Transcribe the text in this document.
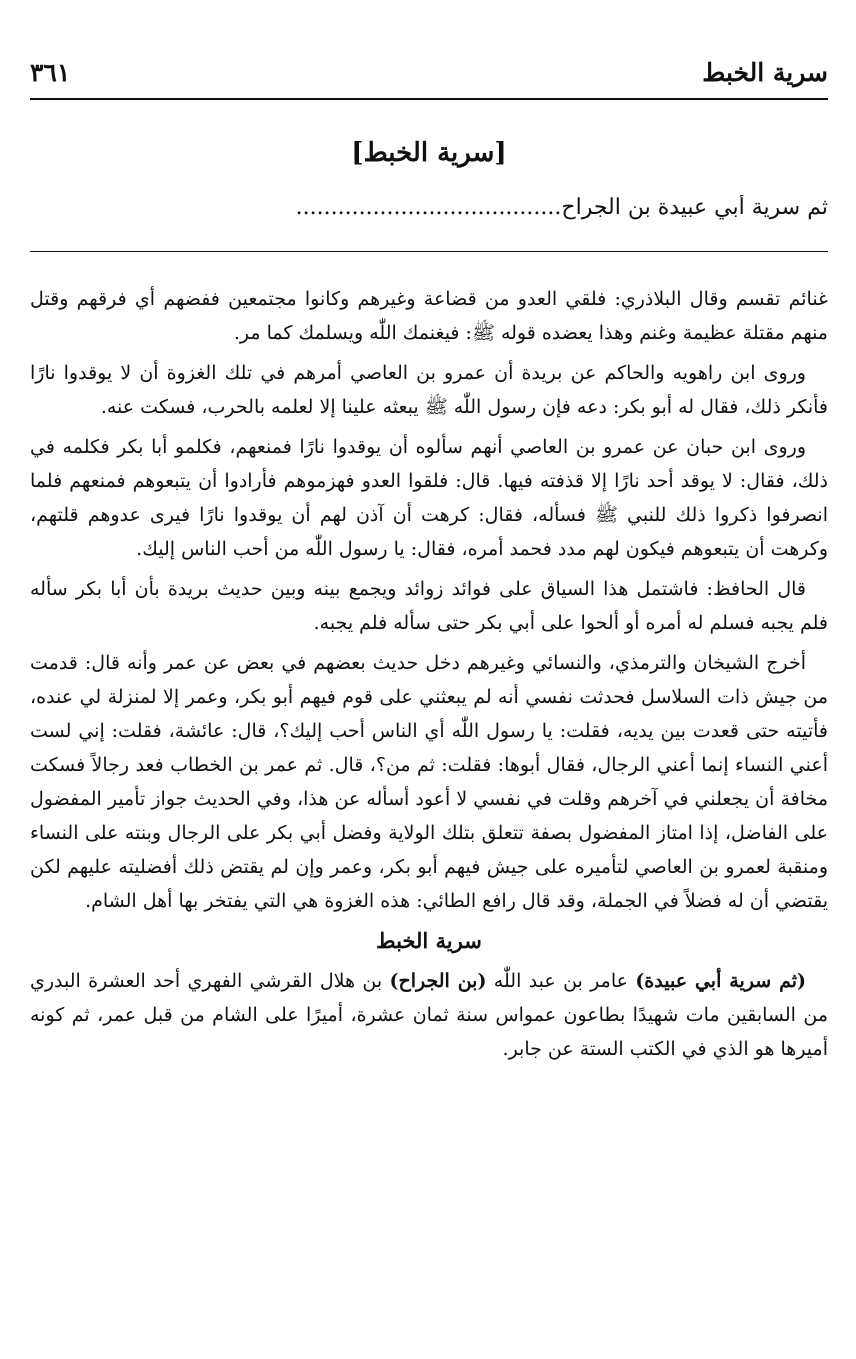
سرية الخبط
٣٦١
[سرية الخبط]
ثم سرية أبي عبيدة بن الجراح......................................

غنائم تقسم وقال البلاذري: فلقي العدو من قضاعة وغيرهم وكانوا مجتمعين ففضهم أي فرقهم وقتل منهم مقتلة عظيمة وغنم وهذا يعضده قوله ﷺ: فيغنمك اللّٰه ويسلمك كما مر.

وروى ابن راهويه والحاكم عن بريدة أن عمرو بن العاصي أمرهم في تلك الغزوة أن لا يوقدوا نارًا فأنكر ذلك، فقال له أبو بكر: دعه فإن رسول اللّٰه ﷺ يبعثه علينا إلا لعلمه بالحرب، فسكت عنه.

وروى ابن حبان عن عمرو بن العاصي أنهم سألوه أن يوقدوا نارًا فمنعهم، فكلمو أبا بكر فكلمه في ذلك، فقال: لا يوقد أحد نارًا إلا قذفته فيها. قال: فلقوا العدو فهزموهم فأرادوا أن يتبعوهم فمنعهم فلما انصرفوا ذكروا ذلك للنبي ﷺ فسأله، فقال: كرهت أن آذن لهم أن يوقدوا نارًا فيرى عدوهم قلتهم، وكرهت أن يتبعوهم فيكون لهم مدد فحمد أمره، فقال: يا رسول اللّٰه من أحب الناس إليك.

قال الحافظ: فاشتمل هذا السياق على فوائد زوائد ويجمع بينه وبين حديث بريدة بأن أبا بكر سأله فلم يجبه فسلم له أمره أو ألحوا على أبي بكر حتى سأله فلم يجبه.

أخرج الشيخان والترمذي، والنسائي وغيرهم دخل حديث بعضهم في بعض عن عمر وأنه قال: قدمت من جيش ذات السلاسل فحدثت نفسي أنه لم يبعثني على قوم فيهم أبو بكر، وعمر إلا لمنزلة لي عنده، فأتيته حتى قعدت بين يديه، فقلت: يا رسول اللّٰه أي الناس أحب إليك؟، قال: عائشة، فقلت: إني لست أعني النساء إنما أعني الرجال، فقال أبوها: فقلت: ثم من؟، قال. ثم عمر بن الخطاب فعد رجالاً فسكت مخافة أن يجعلني في آخرهم وقلت في نفسي لا أعود أسأله عن هذا، وفي الحديث جواز تأمير المفضول على الفاضل، إذا امتاز المفضول بصفة تتعلق بتلك الولاية وفضل أبي بكر على الرجال وبنته على النساء ومنقبة لعمرو بن العاصي لتأميره على جيش فيهم أبو بكر، وعمر وإن لم يقتض ذلك أفضليته عليهم لكن يقتضي أن له فضلاً في الجملة، وقد قال رافع الطائي: هذه الغزوة هي التي يفتخر بها أهل الشام.

سرية الخبط

(ثم سرية أبي عبيدة) عامر بن عبد اللّٰه (بن الجراح) بن هلال القرشي الفهري أحد العشرة البدري من السابقين مات شهيدًا بطاعون عمواس سنة ثمان عشرة، أميرًا على الشام من قبل عمر، ثم كونه أميرها هو الذي في الكتب الستة عن جابر.
